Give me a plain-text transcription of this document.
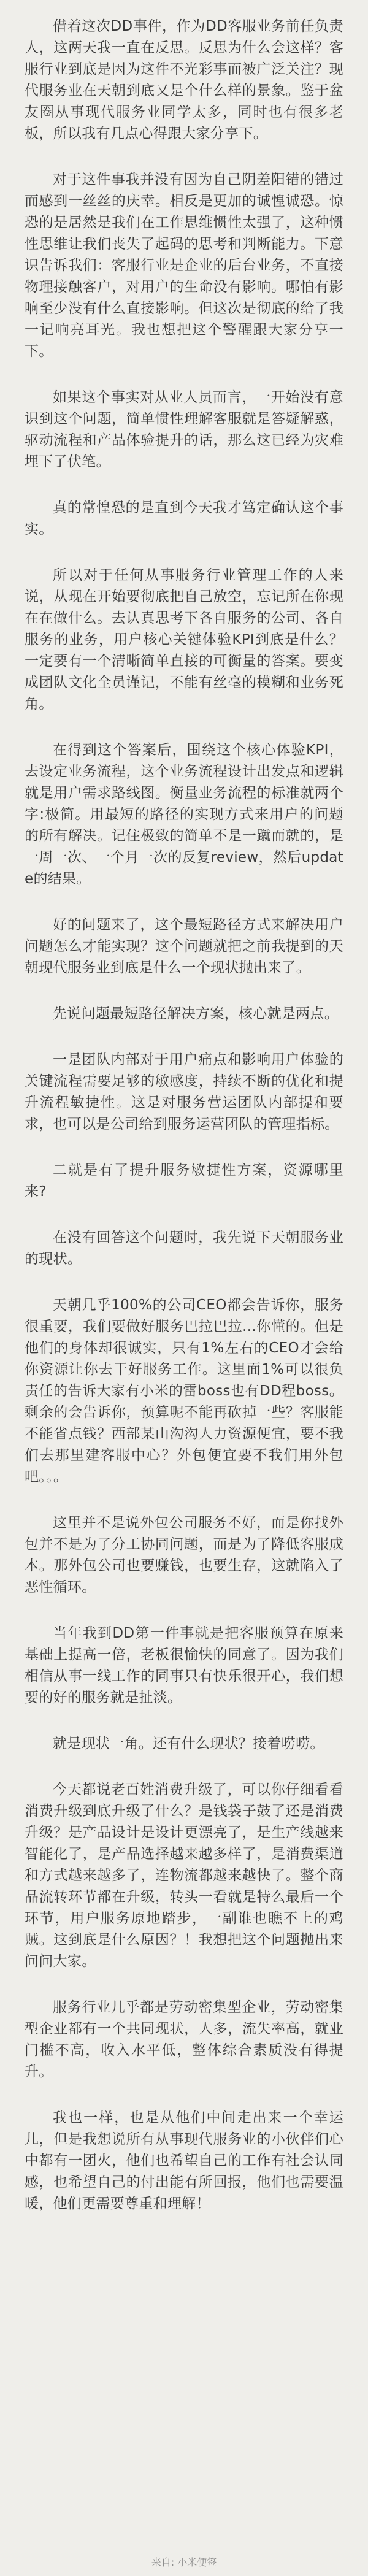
借着这次DD事件，作为DD客服业务前任负责人，这两天我一直在反思。反思为什么会这样？客服行业到底是因为这件不光彩事而被广泛关注？现代服务业在天朝到底又是个什么样的景象。鉴于盆友圈从事现代服务业同学太多，同时也有很多老板，所以我有几点心得跟大家分享下。

对于这件事我并没有因为自己阴差阳错的错过而感到一丝丝的庆幸。相反是更加的诚惶诚恐。惊恐的是居然是我们在工作思维惯性太强了，这种惯性思维让我们丧失了起码的思考和判断能力。下意识告诉我们：客服行业是企业的后台业务，不直接物理接触客户，对用户的生命没有影响。哪怕有影响至少没有什么直接影响。但这次是彻底的给了我一记响亮耳光。我也想把这个警醒跟大家分享一下。

如果这个事实对从业人员而言，一开始没有意识到这个问题，简单惯性理解客服就是答疑解惑，驱动流程和产品体验提升的话，那么这已经为灾难埋下了伏笔。

真的常惶恐的是直到今天我才笃定确认这个事实。

所以对于任何从事服务行业管理工作的人来说，从现在开始要彻底把自己放空，忘记所在你现在在做什么。去认真思考下各自服务的公司、各自服务的业务，用户核心关键体验KPI到底是什么？一定要有一个清晰简单直接的可衡量的答案。要变成团队文化全员谨记，不能有丝毫的模糊和业务死角。

在得到这个答案后，围绕这个核心体验KPI，去设定业务流程，这个业务流程设计出发点和逻辑就是用户需求路线图。衡量业务流程的标准就两个字:极简。用最短的路径的实现方式来用户的问题的所有解决。记住极致的简单不是一蹴而就的，是一周一次、一个月一次的反复review，然后update的结果。

好的问题来了，这个最短路径方式来解决用户问题怎么才能实现？这个问题就把之前我提到的天朝现代服务业到底是什么一个现状抛出来了。

先说问题最短路径解决方案，核心就是两点。

一是团队内部对于用户痛点和影响用户体验的关键流程需要足够的敏感度，持续不断的优化和提升流程敏捷性。这是对服务营运团队内部提和要求，也可以是公司给到服务运营团队的管理指标。

二就是有了提升服务敏捷性方案，资源哪里来?

在没有回答这个问题时，我先说下天朝服务业的现状。

天朝几乎100%的公司CEO都会告诉你，服务很重要，我们要做好服务巴拉巴拉...你懂的。但是他们的身体却很诚实，只有1%左右的CEO才会给你资源让你去干好服务工作。这里面1%可以很负责任的告诉大家有小米的雷boss也有DD程boss。剩余的会告诉你，预算呢不能再砍掉一些？客服能不能省点钱？西部某山沟沟人力资源便宜，要不我们去那里建客服中心？外包便宜要不我们用外包吧。。。

这里并不是说外包公司服务不好，而是你找外包并不是为了分工协同问题，而是为了降低客服成本。那外包公司也要赚钱，也要生存，这就陷入了恶性循环。

当年我到DD第一件事就是把客服预算在原来基础上提高一倍，老板很愉快的同意了。因为我们相信从事一线工作的同事只有快乐很开心，我们想要的好的服务就是扯淡。

就是现状一角。还有什么现状？接着唠唠。

今天都说老百姓消费升级了，可以你仔细看看消费升级到底升级了什么？是钱袋子鼓了还是消费升级？是产品设计是设计更漂亮了，是生产线越来智能化了，是产品选择越来越多样了，是消费渠道和方式越来越多了，连物流都越来越快了。整个商品流转环节都在升级，转头一看就是特么最后一个环节，用户服务原地踏步，一副谁也瞧不上的鸡贼。这到底是什么原因？！我想把这个问题抛出来问问大家。

服务行业几乎都是劳动密集型企业，劳动密集型企业都有一个共同现状，人多，流失率高，就业门槛不高，收入水平低，整体综合素质没有得提升。

我也一样，也是从他们中间走出来一个幸运儿，但是我想说所有从事现代服务业的小伙伴们心中都有一团火，他们也希望自己的工作有社会认同感，也希望自己的付出能有所回报，他们也需要温暖，他们更需要尊重和理解！

来自: 小米便签
